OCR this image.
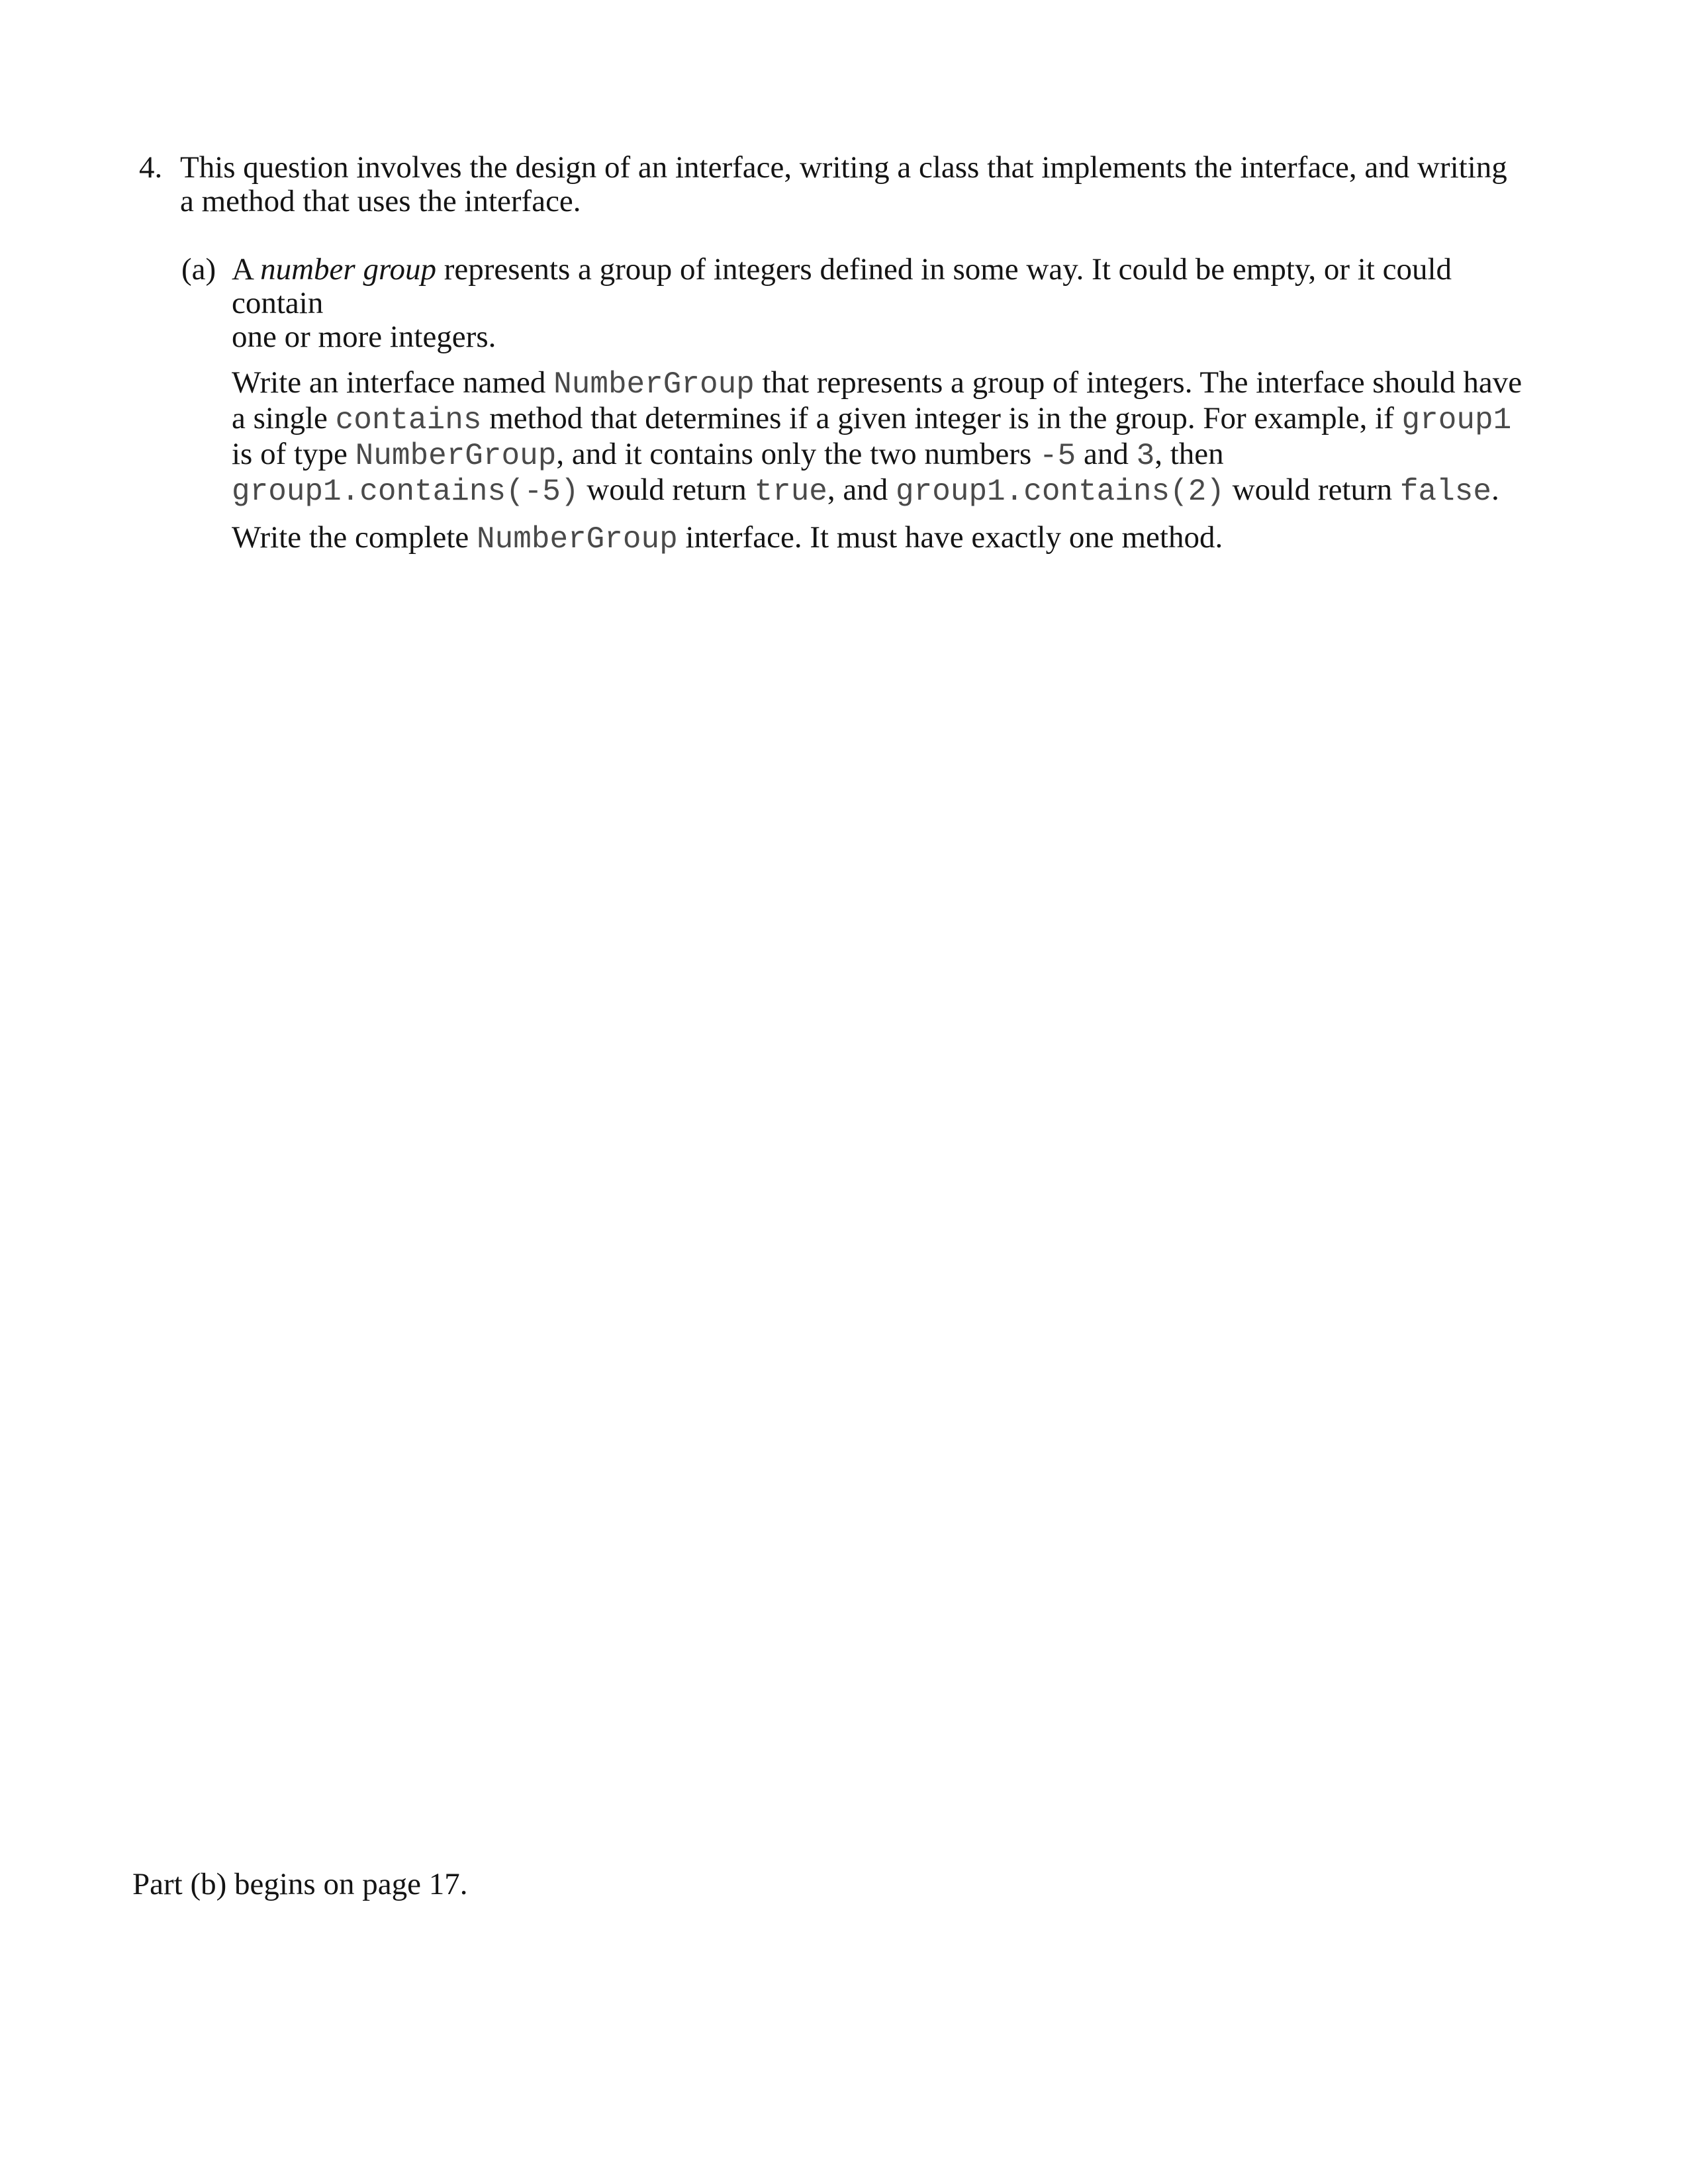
4. This question involves the design of an interface, writing a class that implements the interface, and writing
a method that uses the interface.
(a) A number group represents a group of integers defined in some way. It could be empty, or it could contain
one or more integers.
Write an interface named NumberGroup that represents a group of integers. The interface should have
a single contains method that determines if a given integer is in the group. For example, if group1
is of type NumberGroup, and it contains only the two numbers -5 and 3, then
group1.contains(-5) would return true, and group1.contains(2) would return false.
Write the complete NumberGroup interface. It must have exactly one method.
Part (b) begins on page 17.
